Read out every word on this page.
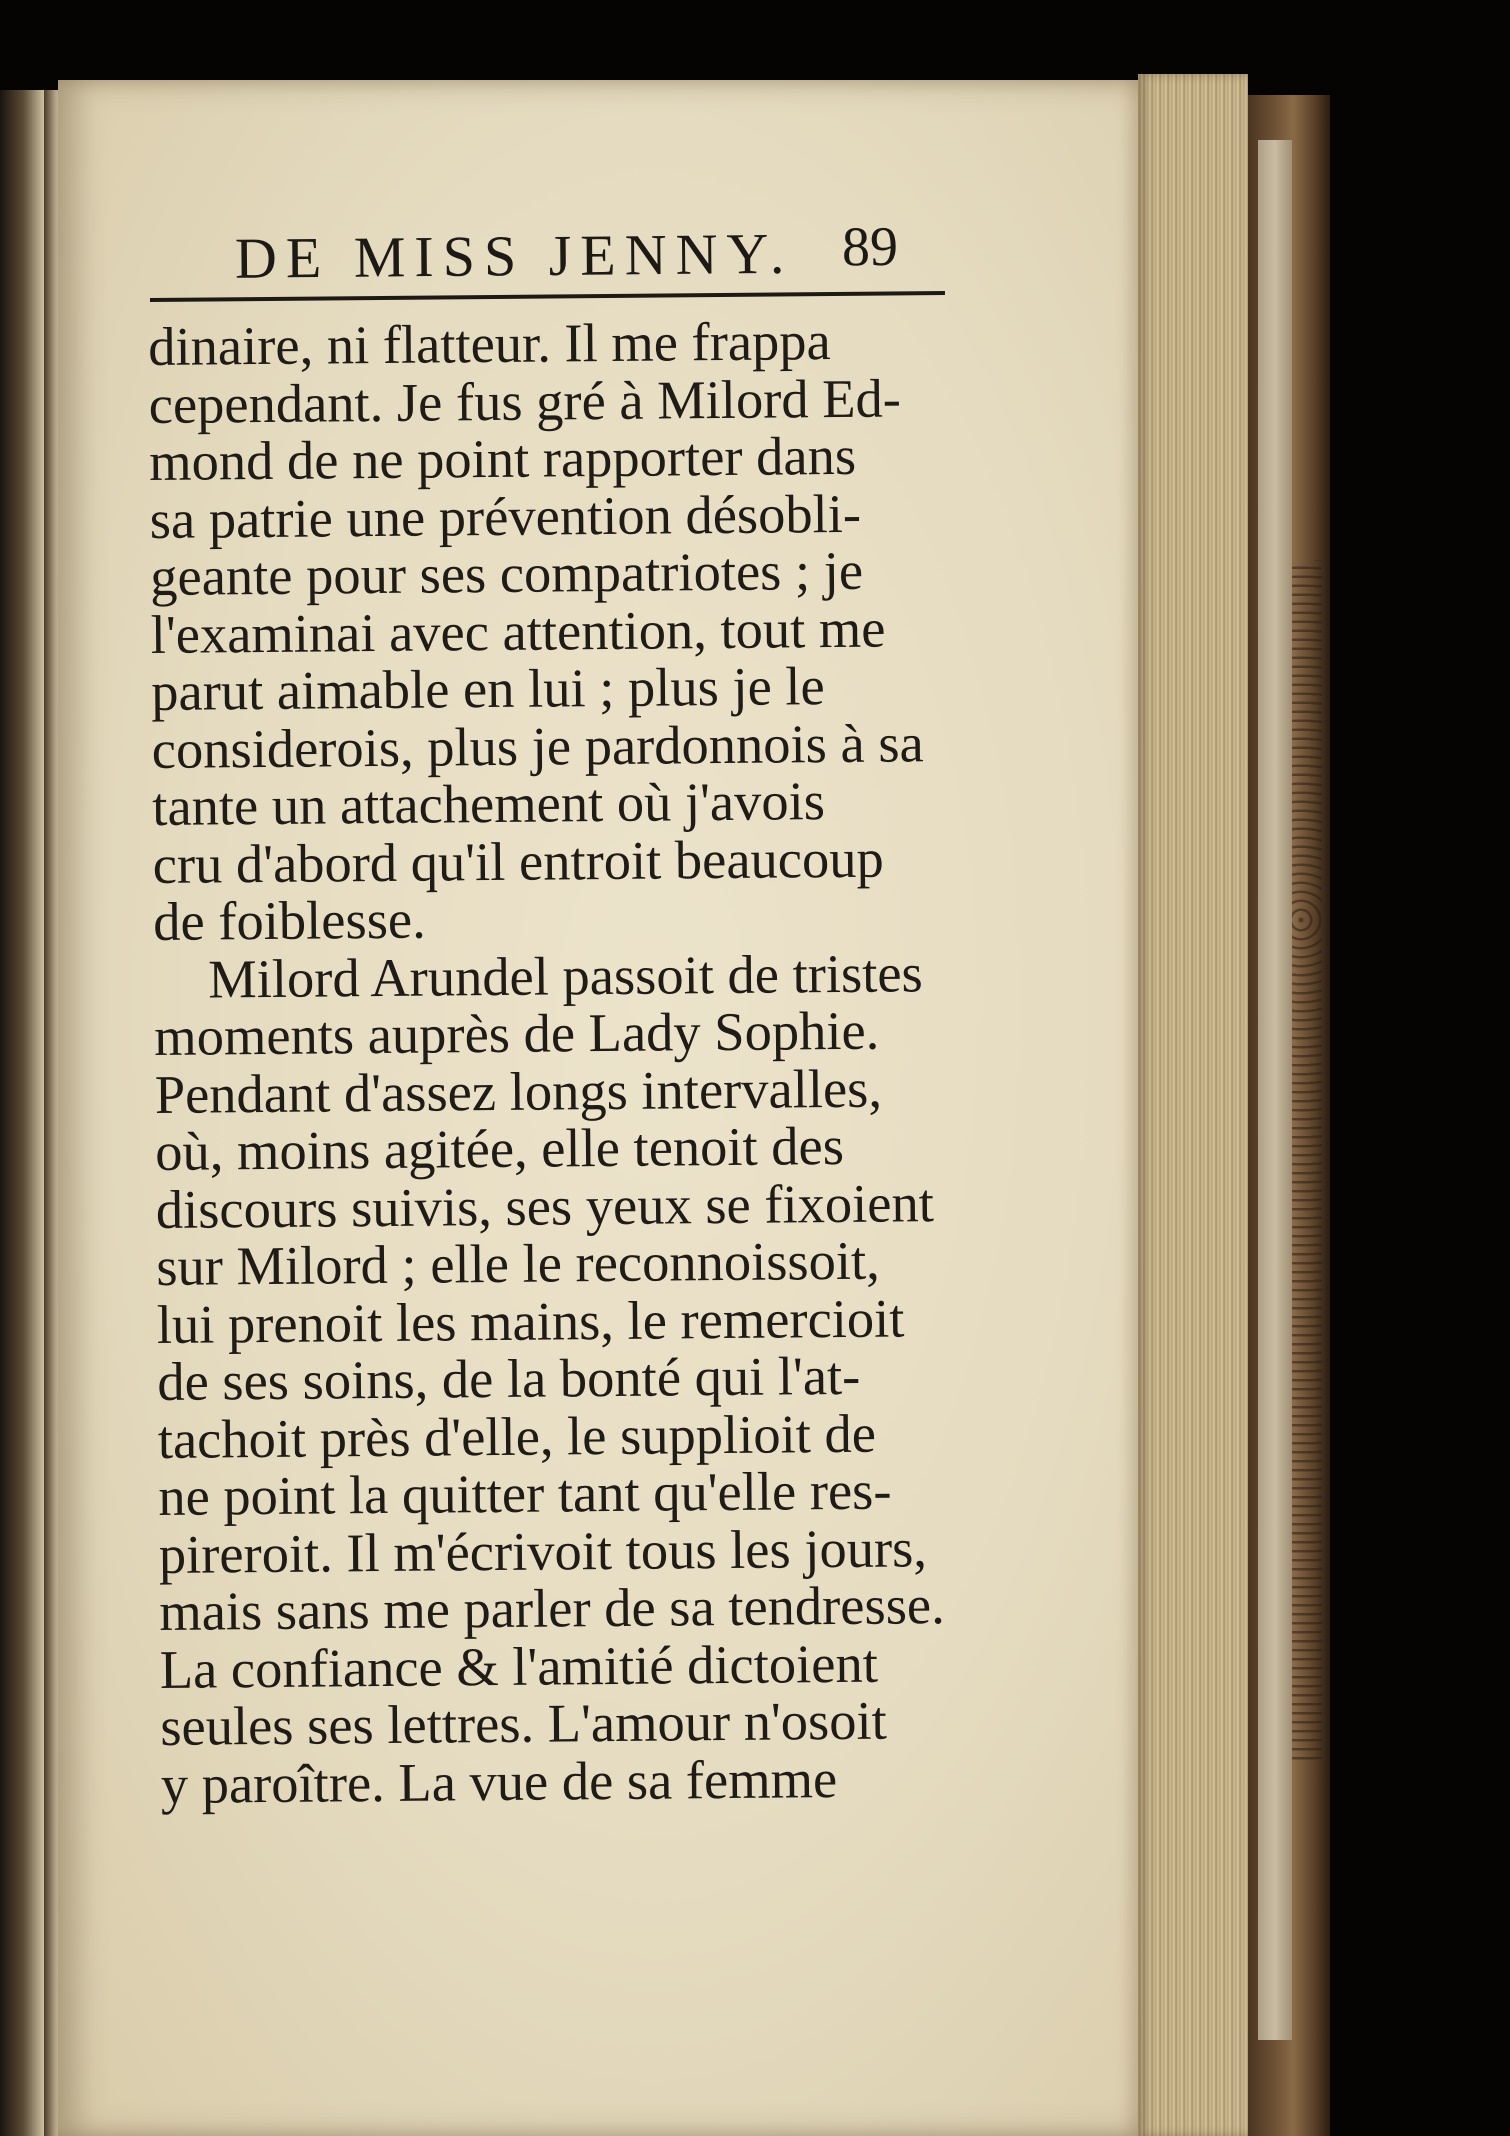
DE MISS JENNY. 89
dinaire, ni flatteur. Il me frappa
cependant. Je fus gré à Milord Ed-
mond de ne point rapporter dans
sa patrie une prévention désobli-
geante pour ses compatriotes ; je
l'examinai avec attention, tout me
parut aimable en lui ; plus je le
considerois, plus je pardonnois à sa
tante un attachement où j'avois
cru d'abord qu'il entroit beaucoup
de foiblesse.
Milord Arundel passoit de tristes
moments auprès de Lady Sophie.
Pendant d'assez longs intervalles,
où, moins agitée, elle tenoit des
discours suivis, ses yeux se fixoient
sur Milord ; elle le reconnoissoit,
lui prenoit les mains, le remercioit
de ses soins, de la bonté qui l'at-
tachoit près d'elle, le supplioit de
ne point la quitter tant qu'elle res-
pireroit. Il m'écrivoit tous les jours,
mais sans me parler de sa tendresse.
La confiance & l'amitié dictoient
seules ses lettres. L'amour n'osoit
y paroître. La vue de sa femme
